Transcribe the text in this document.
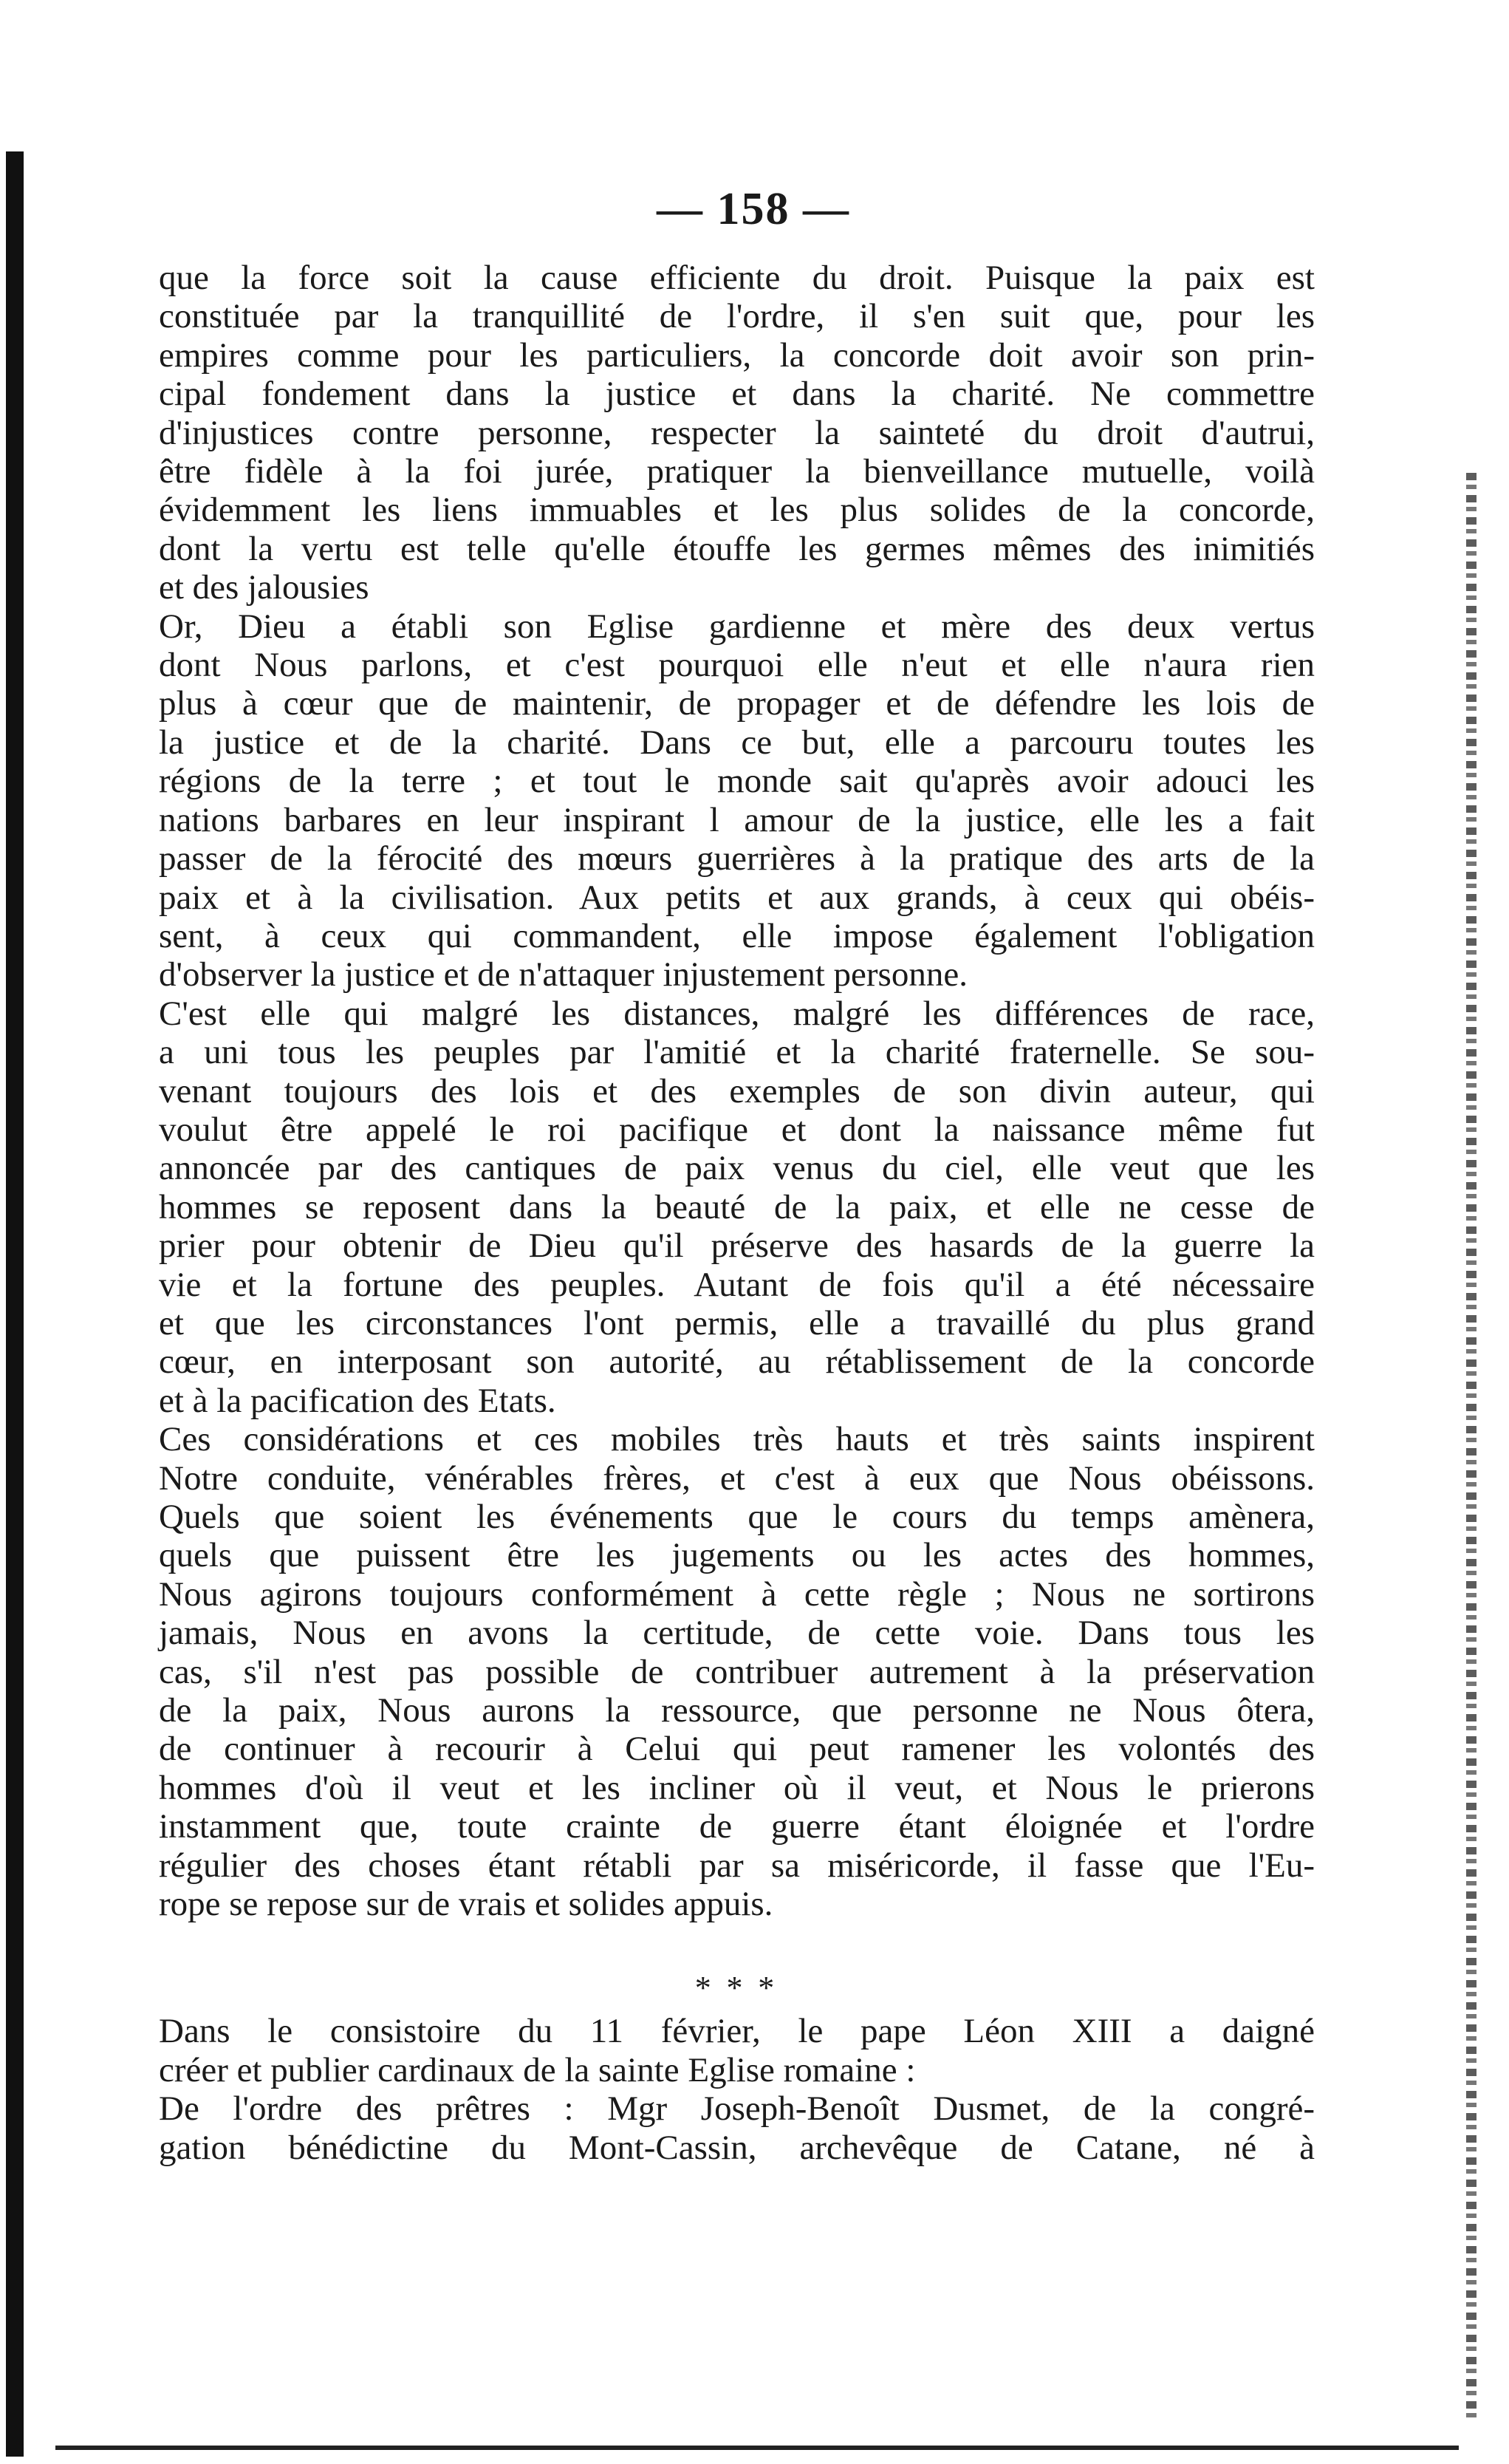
— 158 —
que la force soit la cause efficiente du droit. Puisque la paix est
constituée par la tranquillité de l'ordre, il s'en suit que, pour les
empires comme pour les particuliers, la concorde doit avoir son prin-
cipal fondement dans la justice et dans la charité. Ne commettre
d'injustices contre personne, respecter la sainteté du droit d'autrui,
être fidèle à la foi jurée, pratiquer la bienveillance mutuelle, voilà
évidemment les liens immuables et les plus solides de la concorde,
dont la vertu est telle qu'elle étouffe les germes mêmes des inimitiés
et des jalousies
Or, Dieu a établi son Eglise gardienne et mère des deux vertus
dont Nous parlons, et c'est pourquoi elle n'eut et elle n'aura rien
plus à cœur que de maintenir, de propager et de défendre les lois de
la justice et de la charité. Dans ce but, elle a parcouru toutes les
régions de la terre ; et tout le monde sait qu'après avoir adouci les
nations barbares en leur inspirant l amour de la justice, elle les a fait
passer de la férocité des mœurs guerrières à la pratique des arts de la
paix et à la civilisation. Aux petits et aux grands, à ceux qui obéis-
sent, à ceux qui commandent, elle impose également l'obligation
d'observer la justice et de n'attaquer injustement personne.
C'est elle qui malgré les distances, malgré les différences de race,
a uni tous les peuples par l'amitié et la charité fraternelle. Se sou-
venant toujours des lois et des exemples de son divin auteur, qui
voulut être appelé le roi pacifique et dont la naissance même fut
annoncée par des cantiques de paix venus du ciel, elle veut que les
hommes se reposent dans la beauté de la paix, et elle ne cesse de
prier pour obtenir de Dieu qu'il préserve des hasards de la guerre la
vie et la fortune des peuples. Autant de fois qu'il a été nécessaire
et que les circonstances l'ont permis, elle a travaillé du plus grand
cœur, en interposant son autorité, au rétablissement de la concorde
et à la pacification des Etats.
Ces considérations et ces mobiles très hauts et très saints inspirent
Notre conduite, vénérables frères, et c'est à eux que Nous obéissons.
Quels que soient les événements que le cours du temps amènera,
quels que puissent être les jugements ou les actes des hommes,
Nous agirons toujours conformément à cette règle ; Nous ne sortirons
jamais, Nous en avons la certitude, de cette voie. Dans tous les
cas, s'il n'est pas possible de contribuer autrement à la préservation
de la paix, Nous aurons la ressource, que personne ne Nous ôtera,
de continuer à recourir à Celui qui peut ramener les volontés des
hommes d'où il veut et les incliner où il veut, et Nous le prierons
instamment que, toute crainte de guerre étant éloignée et l'ordre
régulier des choses étant rétabli par sa miséricorde, il fasse que l'Eu-
rope se repose sur de vrais et solides appuis.
* * *
Dans le consistoire du 11 février, le pape Léon XIII a daigné
créer et publier cardinaux de la sainte Eglise romaine :
De l'ordre des prêtres : Mgr Joseph-Benoît Dusmet, de la congré-
gation bénédictine du Mont-Cassin, archevêque de Catane, né à
